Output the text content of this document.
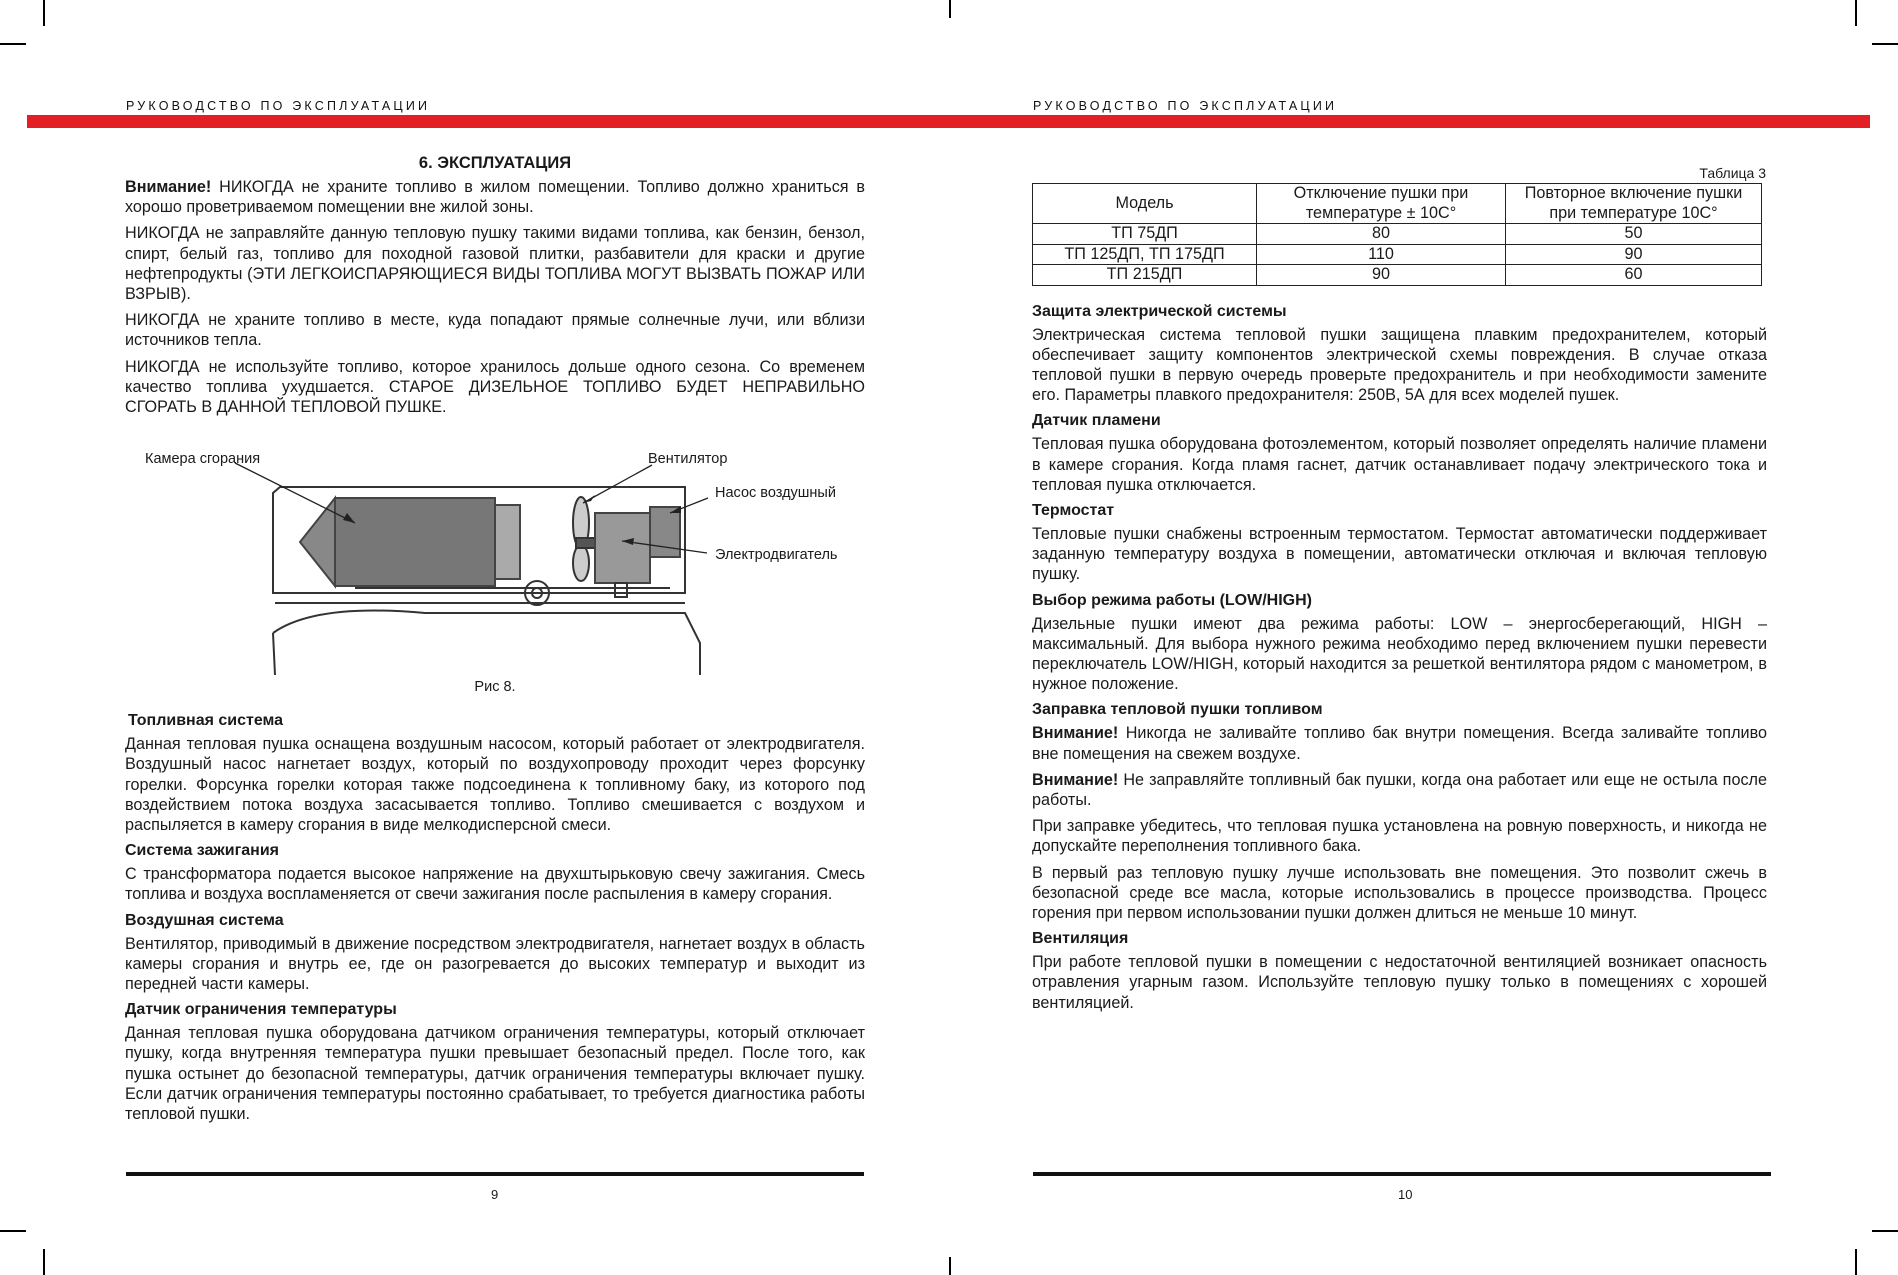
РУКОВОДСТВО ПО ЭКСПЛУАТАЦИИ	РУКОВОДСТВО ПО ЭКСПЛУАТАЦИИ
6. ЭКСПЛУАТАЦИЯ

Внимание! НИКОГДА не храните топливо в жилом помещении. Топливо должно храниться в хорошо проветриваемом помещении вне жилой зоны.

НИКОГДА не заправляйте данную тепловую пушку такими видами топлива, как бензин, бензол, спирт, белый газ, топливо для походной газовой плитки, разбавители для краски и другие нефтепродукты (ЭТИ ЛЕГКОИСПАРЯЮЩИЕСЯ ВИДЫ ТОПЛИВА МОГУТ ВЫЗВАТЬ ПОЖАР ИЛИ ВЗРЫВ).

НИКОГДА не храните топливо в месте, куда попадают прямые солнечные лучи, или вблизи источников тепла.

НИКОГДА не используйте топливо, которое хранилось дольше одного сезона. Со временем качество топлива ухудшается. СТАРОЕ ДИЗЕЛЬНОЕ ТОПЛИВО БУДЕТ НЕПРАВИЛЬНО СГОРАТЬ В ДАННОЙ ТЕПЛОВОЙ ПУШКЕ.

Камера сгорания	Вентилятор
Насос воздушный
Электродвигатель
Рис 8.
Топливная система

Данная тепловая пушка оснащена воздушным насосом, который работает от электродвигателя. Воздушный насос нагнетает воздух, который по воздухопроводу проходит через форсунку горелки. Форсунка горелки которая также подсоединена к топливному баку, из которого под воздействием потока воздуха засасывается топливо. Топливо смешивается с воздухом и распыляется в камеру сгорания в виде мелкодисперсной смеси.

Система зажигания

С трансформатора подается высокое напряжение на двухштырьковую свечу зажигания. Смесь топлива и воздуха воспламеняется от свечи зажигания после распыления в камеру сгорания.

Воздушная система

Вентилятор, приводимый в движение посредством электродвигателя, нагнетает воздух в область камеры сгорания и внутрь ее, где он разогревается до высоких температур и выходит из передней части камеры.

Датчик ограничения температуры

Данная тепловая пушка оборудована датчиком ограничения температуры, который отключает пушку, когда внутренняя температура пушки превышает безопасный предел. После того, как пушка остынет до безопасной температуры, датчик ограничения температуры включает пушку. Если датчик ограничения температуры постоянно срабатывает, то требуется диагностика работы тепловой пушки.

9
Таблица 3
Модель	Отключение пушки при температуре ± 10С°	Повторное включение пушки при температуре 10С°
ТП 75ДП	80	50
ТП 125ДП, ТП 175ДП	110	90
ТП 215ДП	90	60
Защита электрической системы

Электрическая система тепловой пушки защищена плавким предохранителем, который обеспечивает защиту компонентов электрической схемы повреждения. В случае отказа тепловой пушки в первую очередь проверьте предохранитель и при необходимости замените его. Параметры плавкого предохранителя: 250В, 5А для всех моделей пушек.

Датчик пламени

Тепловая пушка оборудована фотоэлементом, который позволяет определять наличие пламени в камере сгорания. Когда пламя гаснет, датчик останавливает подачу электрического тока и тепловая пушка отключается.

Термостат

Тепловые пушки снабжены встроенным термостатом. Термостат автоматически поддерживает заданную температуру воздуха в помещении, автоматически отключая и включая тепловую пушку.

Выбор режима работы (LOW/HIGH)

Дизельные пушки имеют два режима работы: LOW – энергосберегающий, HIGH – максимальный. Для выбора нужного режима необходимо перед включением пушки перевести переключатель LOW/HIGH, который находится за решеткой вентилятора рядом с манометром, в нужное положение.

Заправка тепловой пушки топливом

Внимание! Никогда не заливайте топливо бак внутри помещения. Всегда заливайте топливо вне помещения на свежем воздухе.

Внимание! Не заправляйте топливный бак пушки, когда она работает или еще не остыла после работы.

При заправке убедитесь, что тепловая пушка установлена на ровную поверхность, и никогда не допускайте переполнения топливного бака.

В первый раз тепловую пушку лучше использовать вне помещения. Это позволит сжечь в безопасной среде все масла, которые использовались в процессе производства. Процесс горения при первом использовании пушки должен длиться не меньше 10 минут.

Вентиляция

При работе тепловой пушки в помещении с недостаточной вентиляцией возникает опасность отравления угарным газом. Используйте тепловую пушку только в помещениях с хорошей вентиляцией.

10
